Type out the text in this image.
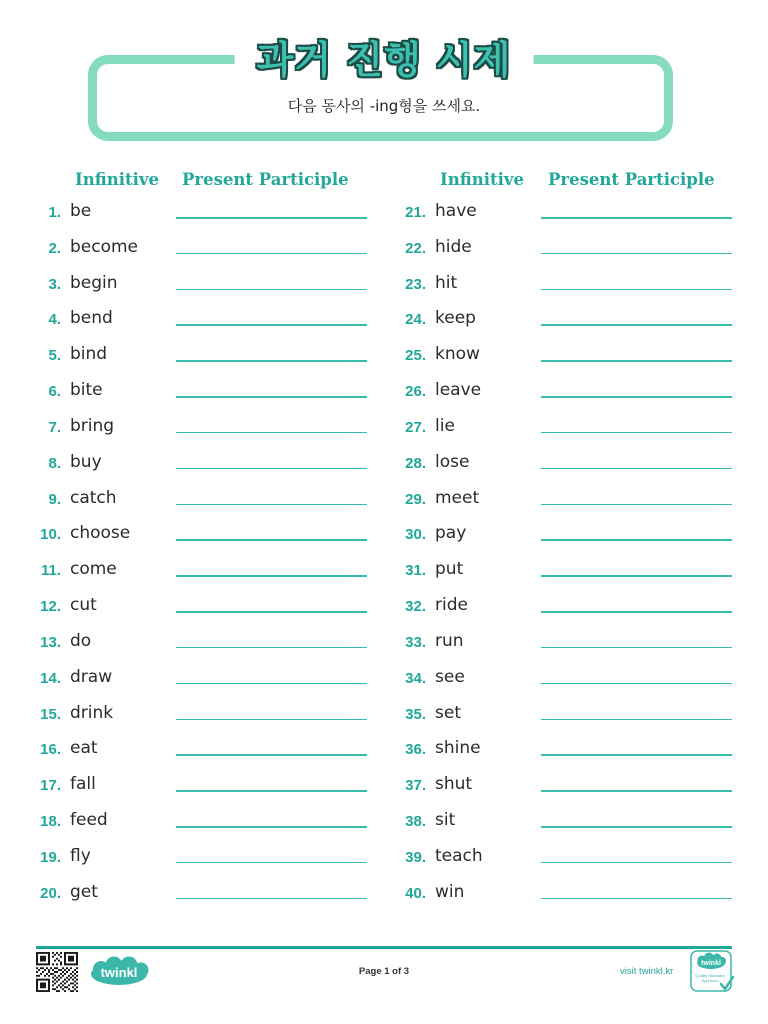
과거 진행 시제
다음 동사의 -ing형을 쓰세요.
Infinitive Present Participle	Infinitive Present Participle
1. be
2. become
3. begin
4. bend
5. bind
6. bite
7. bring
8. buy
9. catch
10. choose
11. come
12. cut
13. do
14. draw
15. drink
16. eat
17. fall
18. feed
19. fly
20. get
21. have
22. hide
23. hit
24. keep
25. know
26. leave
27. lie
28. lose
29. meet
30. pay
31. put
32. ride
33. run
34. see
35. set
36. shine
37. shut
38. sit
39. teach
40. win
twinkl	Page 1 of 3	visit twinkl.kr
twinkl
Quality Standard
Approved
